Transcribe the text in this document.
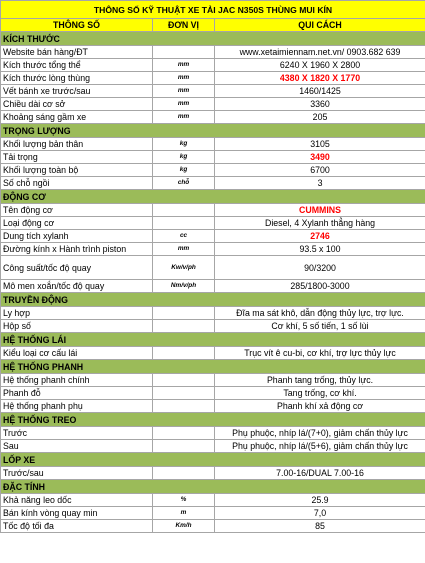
THÔNG SỐ KỸ THUẬT XE TẢI JAC N350S THÙNG MUI KÍN		
THÔNG SỐ	ĐƠN VỊ	QUI CÁCH
KÍCH THƯỚC		
Website bán hàng/ĐT		www.xetaimiennam.net.vn/ 0903.682 639
Kích thước tổng thể	mm	6240 X 1960 X 2800
Kích thước lòng thùng	mm	4380 X 1820 X 1770
Vết bánh xe trước/sau	mm	1460/1425
Chiều dài cơ sở	mm	3360
Khoảng sáng gầm xe	mm	205
TRỌNG LƯỢNG		
Khối lượng bản thân	kg	3105
Tải trọng	kg	3490
Khối lượng toàn bộ	kg	6700
Số chỗ ngồi	chỗ	3
ĐỘNG CƠ		
Tên động cơ		CUMMINS
Loại động cơ		Diesel, 4 Xylanh thẳng hàng
Dung tích xylanh	cc	2746
Đường kính x Hành trình piston	mm	93.5 x 100
Công suất/tốc độ quay	Kw/v/ph	90/3200
Mô men xoắn/tốc độ quay	Nm/v/ph	285/1800-3000
TRUYỀN ĐỘNG		
Ly hợp		Đĩa ma sát khô, dẫn động thủy lực, trợ lực.
Hộp số		Cơ khí, 5 số tiến, 1 số lùi
HỆ THỐNG LÁI		
Kiểu loại cơ cấu lái		Trục vít ê cu-bi, cơ khí, trợ lực thủy lực
HỆ THỐNG PHANH		
Hệ thống phanh chính		Phanh tang trống, thủy lực.
Phanh đỗ		Tang trống, cơ khí.
Hệ thống phanh phụ		Phanh khí xả động cơ
HỆ THỐNG TREO		
Trước		Phụ phuộc, nhíp lá/(7+0), giảm chấn thủy lực
Sau		Phụ phuộc, nhíp lá/(5+6), giảm chấn thủy lực
LỐP XE		
Trước/sau		7.00-16/DUAL 7.00-16
ĐẶC TÍNH		
Khả năng leo dốc	%	25.9
Bán kính vòng quay min	m	7,0
Tốc độ tối đa	Km/h	85
